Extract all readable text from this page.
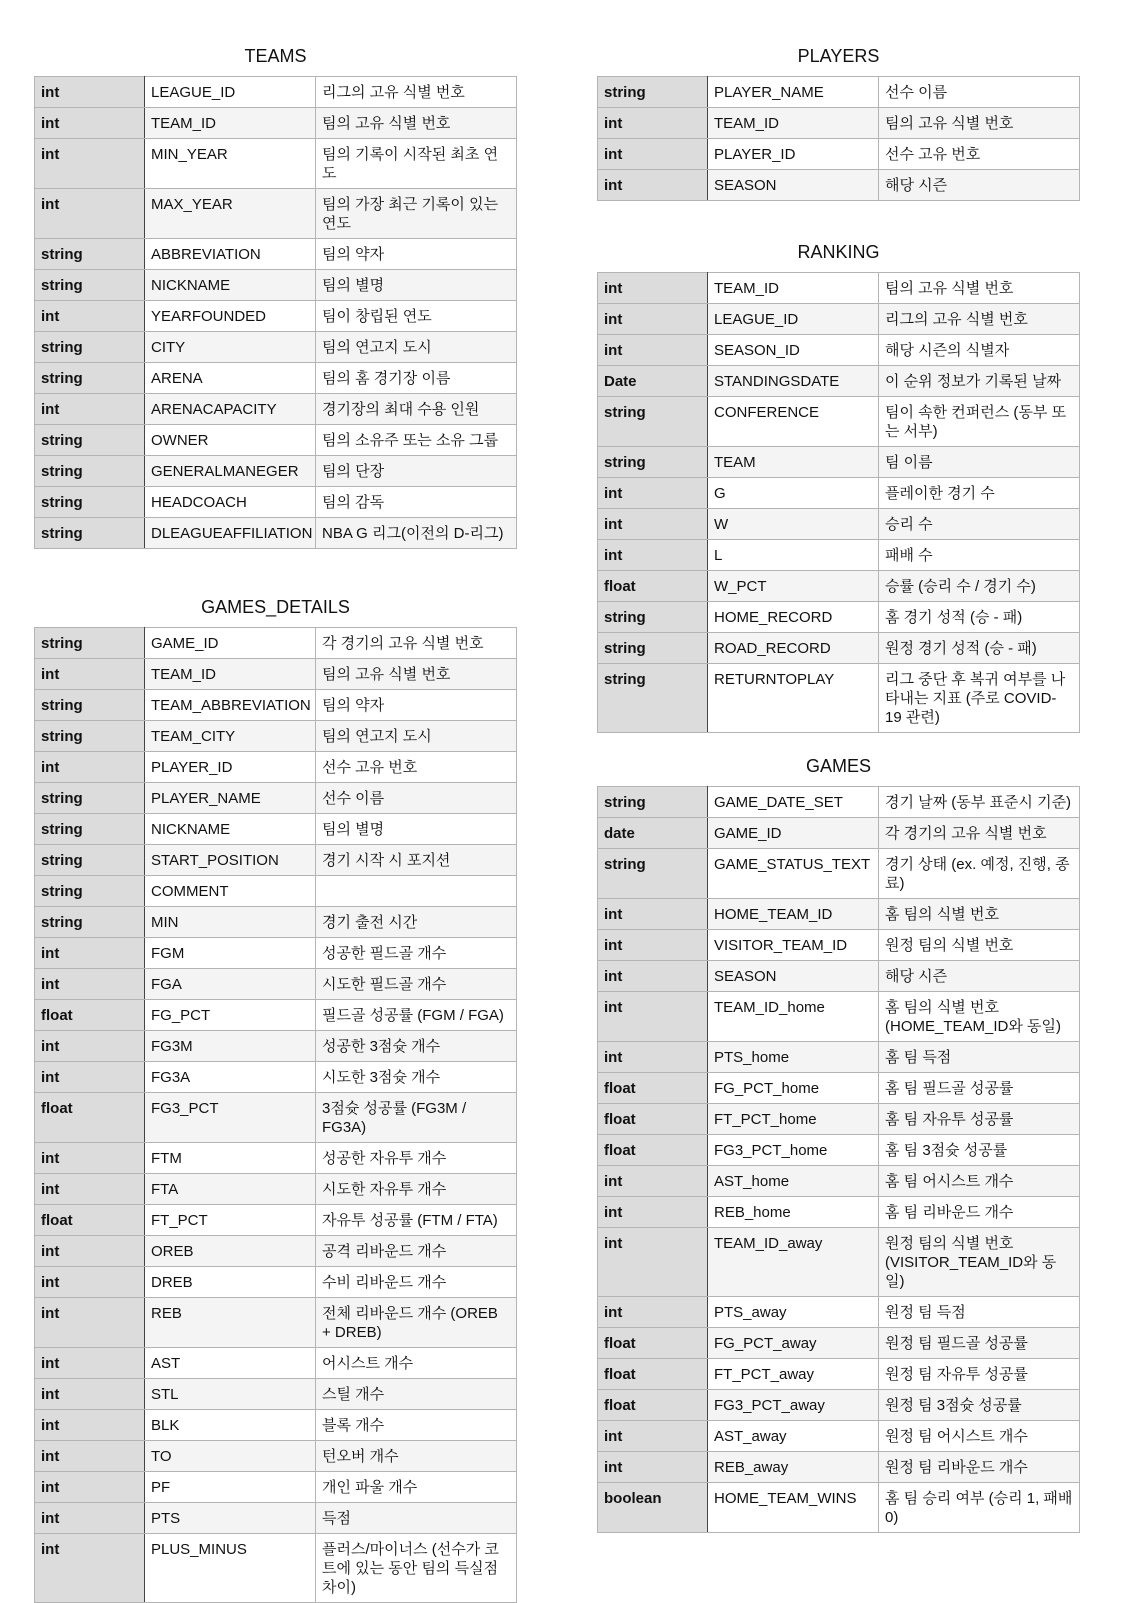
TEAMS
int	LEAGUE_ID	리그의 고유 식별 번호
int	TEAM_ID	팀의 고유 식별 번호
int	MIN_YEAR	팀의 기록이 시작된 최초 연도
int	MAX_YEAR	팀의 가장 최근 기록이 있는 연도
string	ABBREVIATION	팀의 약자
string	NICKNAME	팀의 별명
int	YEARFOUNDED	팀이 창립된 연도
string	CITY	팀의 연고지 도시
string	ARENA	팀의 홈 경기장 이름
int	ARENACAPACITY	경기장의 최대 수용 인원
string	OWNER	팀의 소유주 또는 소유 그룹
string	GENERALMANEGER	팀의 단장
string	HEADCOACH	팀의 감독
string	DLEAGUEAFFILIATION	NBA G 리그(이전의 D-리그)
GAMES_DETAILS
string	GAME_ID	각 경기의 고유 식별 번호
int	TEAM_ID	팀의 고유 식별 번호
string	TEAM_ABBREVIATION	팀의 약자
string	TEAM_CITY	팀의 연고지 도시
int	PLAYER_ID	선수 고유 번호
string	PLAYER_NAME	선수 이름
string	NICKNAME	팀의 별명
string	START_POSITION	경기 시작 시 포지션
string	COMMENT	
string	MIN	경기 출전 시간
int	FGM	성공한 필드골 개수
int	FGA	시도한 필드골 개수
float	FG_PCT	필드골 성공률 (FGM / FGA)
int	FG3M	성공한 3점슛 개수
int	FG3A	시도한 3점슛 개수
float	FG3_PCT	3점슛 성공률 (FG3M / FG3A)
int	FTM	성공한 자유투 개수
int	FTA	시도한 자유투 개수
float	FT_PCT	자유투 성공률 (FTM / FTA)
int	OREB	공격 리바운드 개수
int	DREB	수비 리바운드 개수
int	REB	전체 리바운드 개수 (OREB + DREB)
int	AST	어시스트 개수
int	STL	스틸 개수
int	BLK	블록 개수
int	TO	턴오버 개수
int	PF	개인 파울 개수
int	PTS	득점
int	PLUS_MINUS	플러스/마이너스 (선수가 코트에 있는 동안 팀의 득실점 차이)
PLAYERS
string	PLAYER_NAME	선수 이름
int	TEAM_ID	팀의 고유 식별 번호
int	PLAYER_ID	선수 고유 번호
int	SEASON	해당 시즌
RANKING
int	TEAM_ID	팀의 고유 식별 번호
int	LEAGUE_ID	리그의 고유 식별 번호
int	SEASON_ID	해당 시즌의 식별자
Date	STANDINGSDATE	이 순위 정보가 기록된 날짜
string	CONFERENCE	팀이 속한 컨퍼런스 (동부 또는 서부)
string	TEAM	팀 이름
int	G	플레이한 경기 수
int	W	승리 수
int	L	패배 수
float	W_PCT	승률 (승리 수 / 경기 수)
string	HOME_RECORD	홈 경기 성적 (승 - 패)
string	ROAD_RECORD	원정 경기 성적 (승 - 패)
string	RETURNTOPLAY	리그 중단 후 복귀 여부를 나타내는 지표 (주로 COVID-19 관련)
GAMES
string	GAME_DATE_SET	경기 날짜 (동부 표준시 기준)
date	GAME_ID	각 경기의 고유 식별 번호
string	GAME_STATUS_TEXT	경기 상태 (ex. 예정, 진행, 종료)
int	HOME_TEAM_ID	홈 팀의 식별 번호
int	VISITOR_TEAM_ID	원정 팀의 식별 번호
int	SEASON	해당 시즌
int	TEAM_ID_home	홈 팀의 식별 번호 (HOME_TEAM_ID와 동일)
int	PTS_home	홈 팀 득점
float	FG_PCT_home	홈 팀 필드골 성공률
float	FT_PCT_home	홈 팀 자유투 성공률
float	FG3_PCT_home	홈 팀 3점슛 성공률
int	AST_home	홈 팀 어시스트 개수
int	REB_home	홈 팀 리바운드 개수
int	TEAM_ID_away	원정 팀의 식별 번호 (VISITOR_TEAM_ID와 동일)
int	PTS_away	원정 팀 득점
float	FG_PCT_away	원정 팀 필드골 성공률
float	FT_PCT_away	원정 팀 자유투 성공률
float	FG3_PCT_away	원정 팀 3점슛 성공률
int	AST_away	원정 팀 어시스트 개수
int	REB_away	원정 팀 리바운드 개수
boolean	HOME_TEAM_WINS	홈 팀 승리 여부 (승리 1, 패배 0)
